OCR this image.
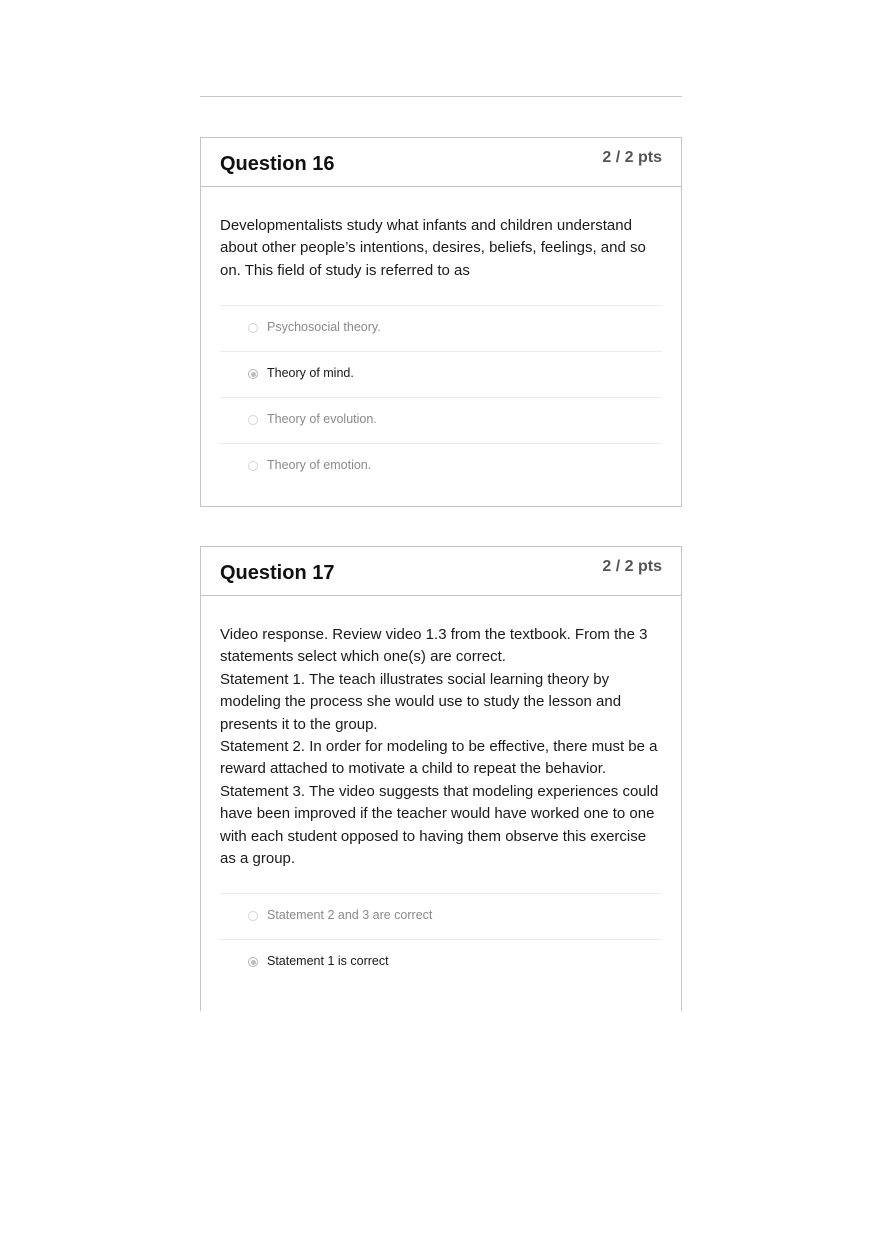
Question 16	2 / 2 pts

Developmentalists study what infants and children understand
about other people’s intentions, desires, beliefs, feelings, and so
on. This field of study is referred to as

Psychosocial theory.
Theory of mind.
Theory of evolution.
Theory of emotion.
Question 17	2 / 2 pts

Video response. Review video 1.3 from the textbook. From the 3
statements select which one(s) are correct.
Statement 1. The teach illustrates social learning theory by
modeling the process she would use to study the lesson and
presents it to the group.
Statement 2. In order for modeling to be effective, there must be a
reward attached to motivate a child to repeat the behavior.
Statement 3. The video suggests that modeling experiences could
have been improved if the teacher would have worked one to one
with each student opposed to having them observe this exercise
as a group.

Statement 2 and 3 are correct
Statement 1 is correct
